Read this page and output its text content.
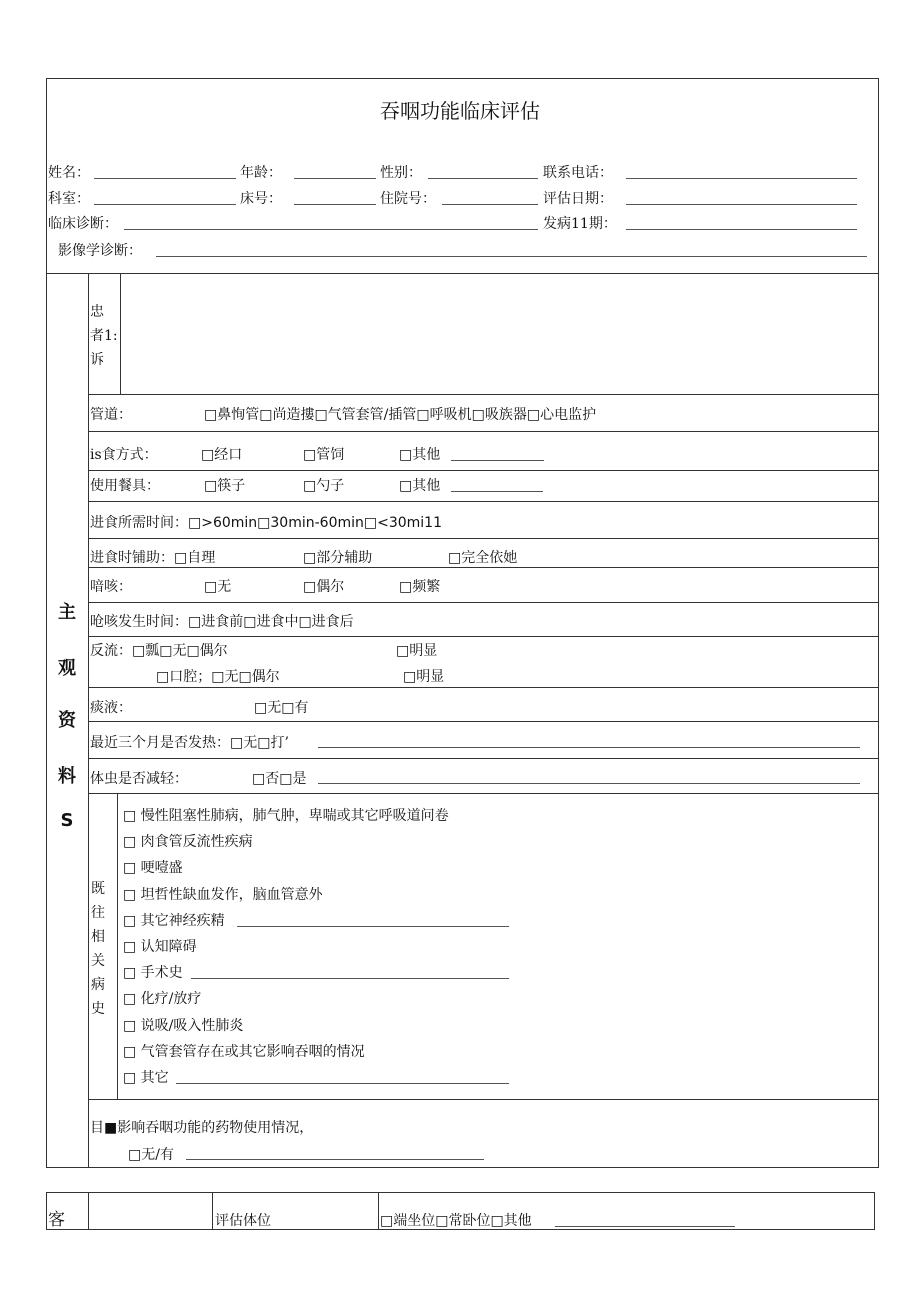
吞咽功能临床评估
姓名：	年龄：	性别：	联系电话：
科室：	床号：	住院号：	评估日期：
临床诊断：	发病11期：
影像学诊断：
主
观
资
料
S
忠
者1:
诉
管道：	□鼻恂管□尚造摟□气管套管/插管□呼吸机□吸族器□心电监护
is食方式：	□经口	□管饲	□其他
使用餐具：	□筷子	□勺子	□其他
进食所需时间：□>60min□30min-60min□<30mi11
进食时铺助：□自理	□部分辅助	□完全依她
喑咳：	□无	□偶尔	□频繁
呛咳发生时间：□进食前□进食中□进食后
反流：□瓢□无□偶尔	□明显
□口腔；□无□偶尔	□明显
痰液：	□无□有
最近三个月是否发热：□无□打’
体虫是否减轻：	□否□是
既
往
相
关
病
史
□ 慢性阻塞性肺病，肺气肿，卑喘或其它呼吸道问卷
□ 肉食管反流性疾病
□ 哽噎盛
□ 坦哲性缺血发作，脑血管意外
□ 其它神经疾精
□ 认知障碍
□ 手术史
□ 化疗/放疗
□ 说吸/吸入性肺炎
□ 气管套管存在或其它影响吞咽的情况
□ 其它
目■影响吞咽功能的药物使用情况，
□无/有
客	评估体位	□端坐位□常卧位□其他
